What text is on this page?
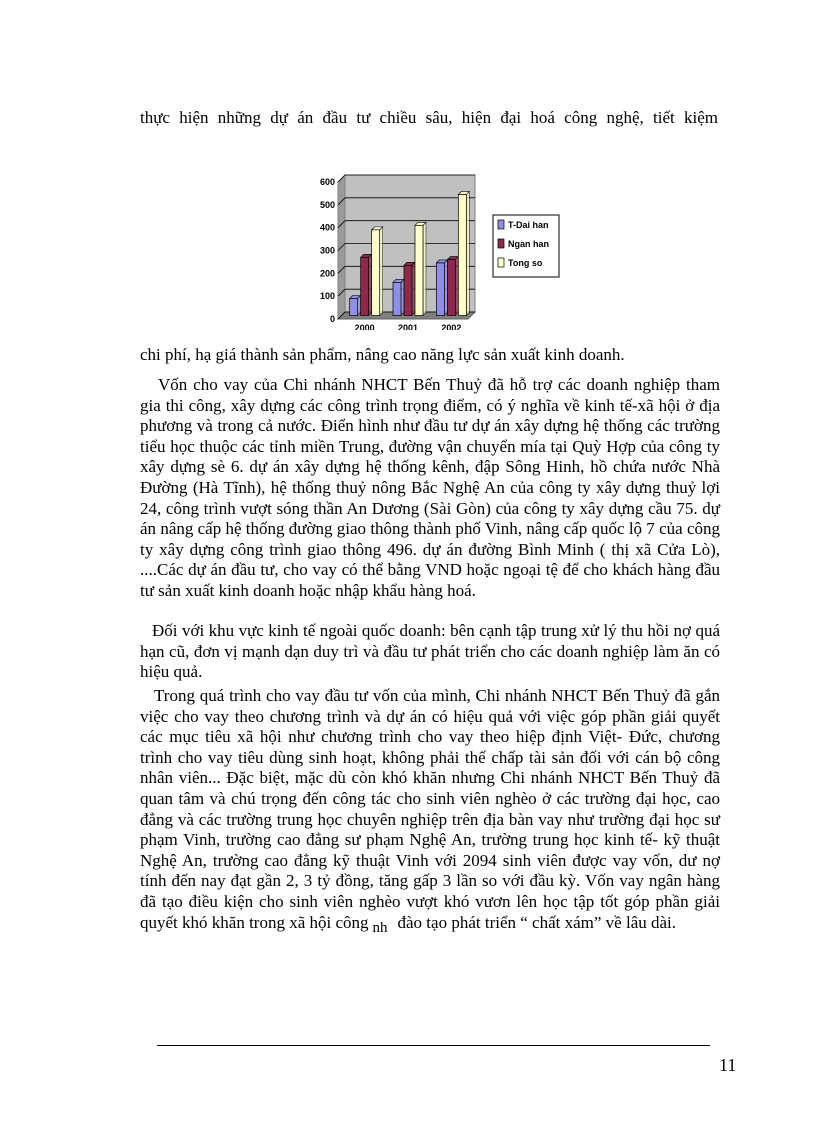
thực hiện những dự án đầu tư chiều sâu, hiện đại hoá công nghệ, tiết kiệm
0
100
200
300
400
500
600
2000	2001	2002
T-Dai han
Ngan han
Tong so
chi phí, hạ giá thành sản phẩm, nâng cao năng lực sản xuất kinh doanh.
Vốn cho vay của Chi nhánh NHCT Bến Thuỷ đã hỗ trợ các doanh nghiệp tham gia thi công, xây dựng các công trình trọng điểm, có ý nghĩa về kinh tế-xã hội ở địa phương và trong cả nước. Điển hình như đầu tư dự án xây dựng hệ thống các trường tiểu học thuộc các tỉnh miền Trung, đường vận chuyển mía tại Quỳ Hợp của công ty xây dựng sè 6. dự án xây dựng hệ thống kênh, đập Sông Hinh, hồ chứa nước Nhà Đường (Hà Tĩnh), hệ thống thuỷ nông Bắc Nghệ An của công ty xây dựng thuỷ lợi 24, công trình vượt sóng thần An Dương (Sài Gòn) của công ty xây dựng cầu 75. dự án nâng cấp hệ thống đường giao thông thành phố Vinh, nâng cấp quốc lộ 7 của công ty xây dựng công trình giao thông 496. dự án đường Bình Minh ( thị xã Cửa Lò), ....Các dự án đầu tư, cho vay có thể bằng VND hoặc ngoại tệ để cho khách hàng đầu tư sản xuất kinh doanh hoặc nhập khẩu hàng hoá.
Đối với khu vực kinh tế ngoài quốc doanh: bên cạnh tập trung xử lý thu hồi nợ quá hạn cũ, đơn vị mạnh dạn duy trì và đầu tư phát triển cho các doanh nghiệp làm ăn có hiệu quả.
Trong quá trình cho vay đầu tư vốn của mình, Chi nhánh NHCT Bến Thuỷ đã gắn việc cho vay theo chương trình và dự án có hiệu quả với việc góp phần giải quyết các mục tiêu xã hội như chương trình cho vay theo hiệp định Việt- Đức, chương trình cho vay tiêu dùng sinh hoạt, không phải thế chấp tài sản đối với cán bộ công nhân viên... Đặc biệt, mặc dù còn khó khăn nhưng Chi nhánh NHCT Bến Thuỷ đã quan tâm và chú trọng đến công tác cho sinh viên nghèo ở các trường đại học, cao đẳng và các trường trung học chuyên nghiệp trên địa bàn vay như trường đại học sư phạm Vinh, trường cao đẳng sư phạm Nghệ An, trường trung học kinh tế- kỹ thuật Nghệ An, trường cao đẳng kỹ thuật Vinh với 2094 sinh viên được vay vốn, dư nợ tính đến nay đạt gần 2, 3 tỷ đồng, tăng gấp 3 lần so với đầu kỳ. Vốn vay ngân hàng đã tạo điều kiện cho sinh viên nghèo vượt khó vươn lên học tập tốt góp phần giải quyết khó khăn trong xã hội công nh đào tạo phát triển “ chất xám” về lâu dài.
11
